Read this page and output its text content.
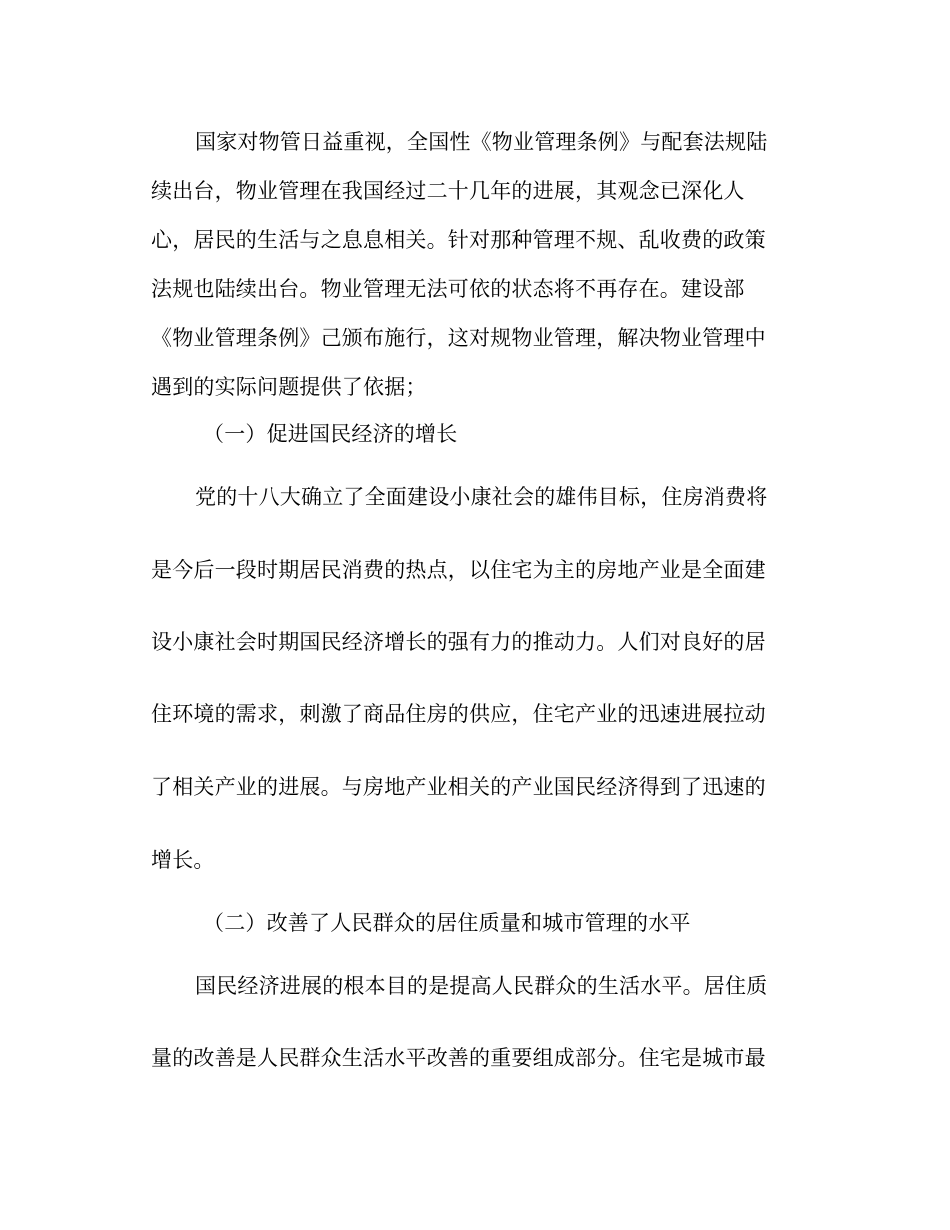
国家对物管日益重视，全国性《物业管理条例》与配套法规陆
续出台，物业管理在我国经过二十几年的进展，其观念已深化人
心，居民的生活与之息息相关。针对那种管理不规、乱收费的政策
法规也陆续出台。物业管理无法可依的状态将不再存在。建设部
《物业管理条例》己颁布施行，这对规物业管理，解决物业管理中
遇到的实际问题提供了依据；
（一）促进国民经济的增长
党的十八大确立了全面建设小康社会的雄伟目标，住房消费将
是今后一段时期居民消费的热点，以住宅为主的房地产业是全面建
设小康社会时期国民经济增长的强有力的推动力。人们对良好的居
住环境的需求，刺激了商品住房的供应，住宅产业的迅速进展拉动
了相关产业的进展。与房地产业相关的产业国民经济得到了迅速的
增长。
（二）改善了人民群众的居住质量和城市管理的水平
国民经济进展的根本目的是提高人民群众的生活水平。居住质
量的改善是人民群众生活水平改善的重要组成部分。住宅是城市最
